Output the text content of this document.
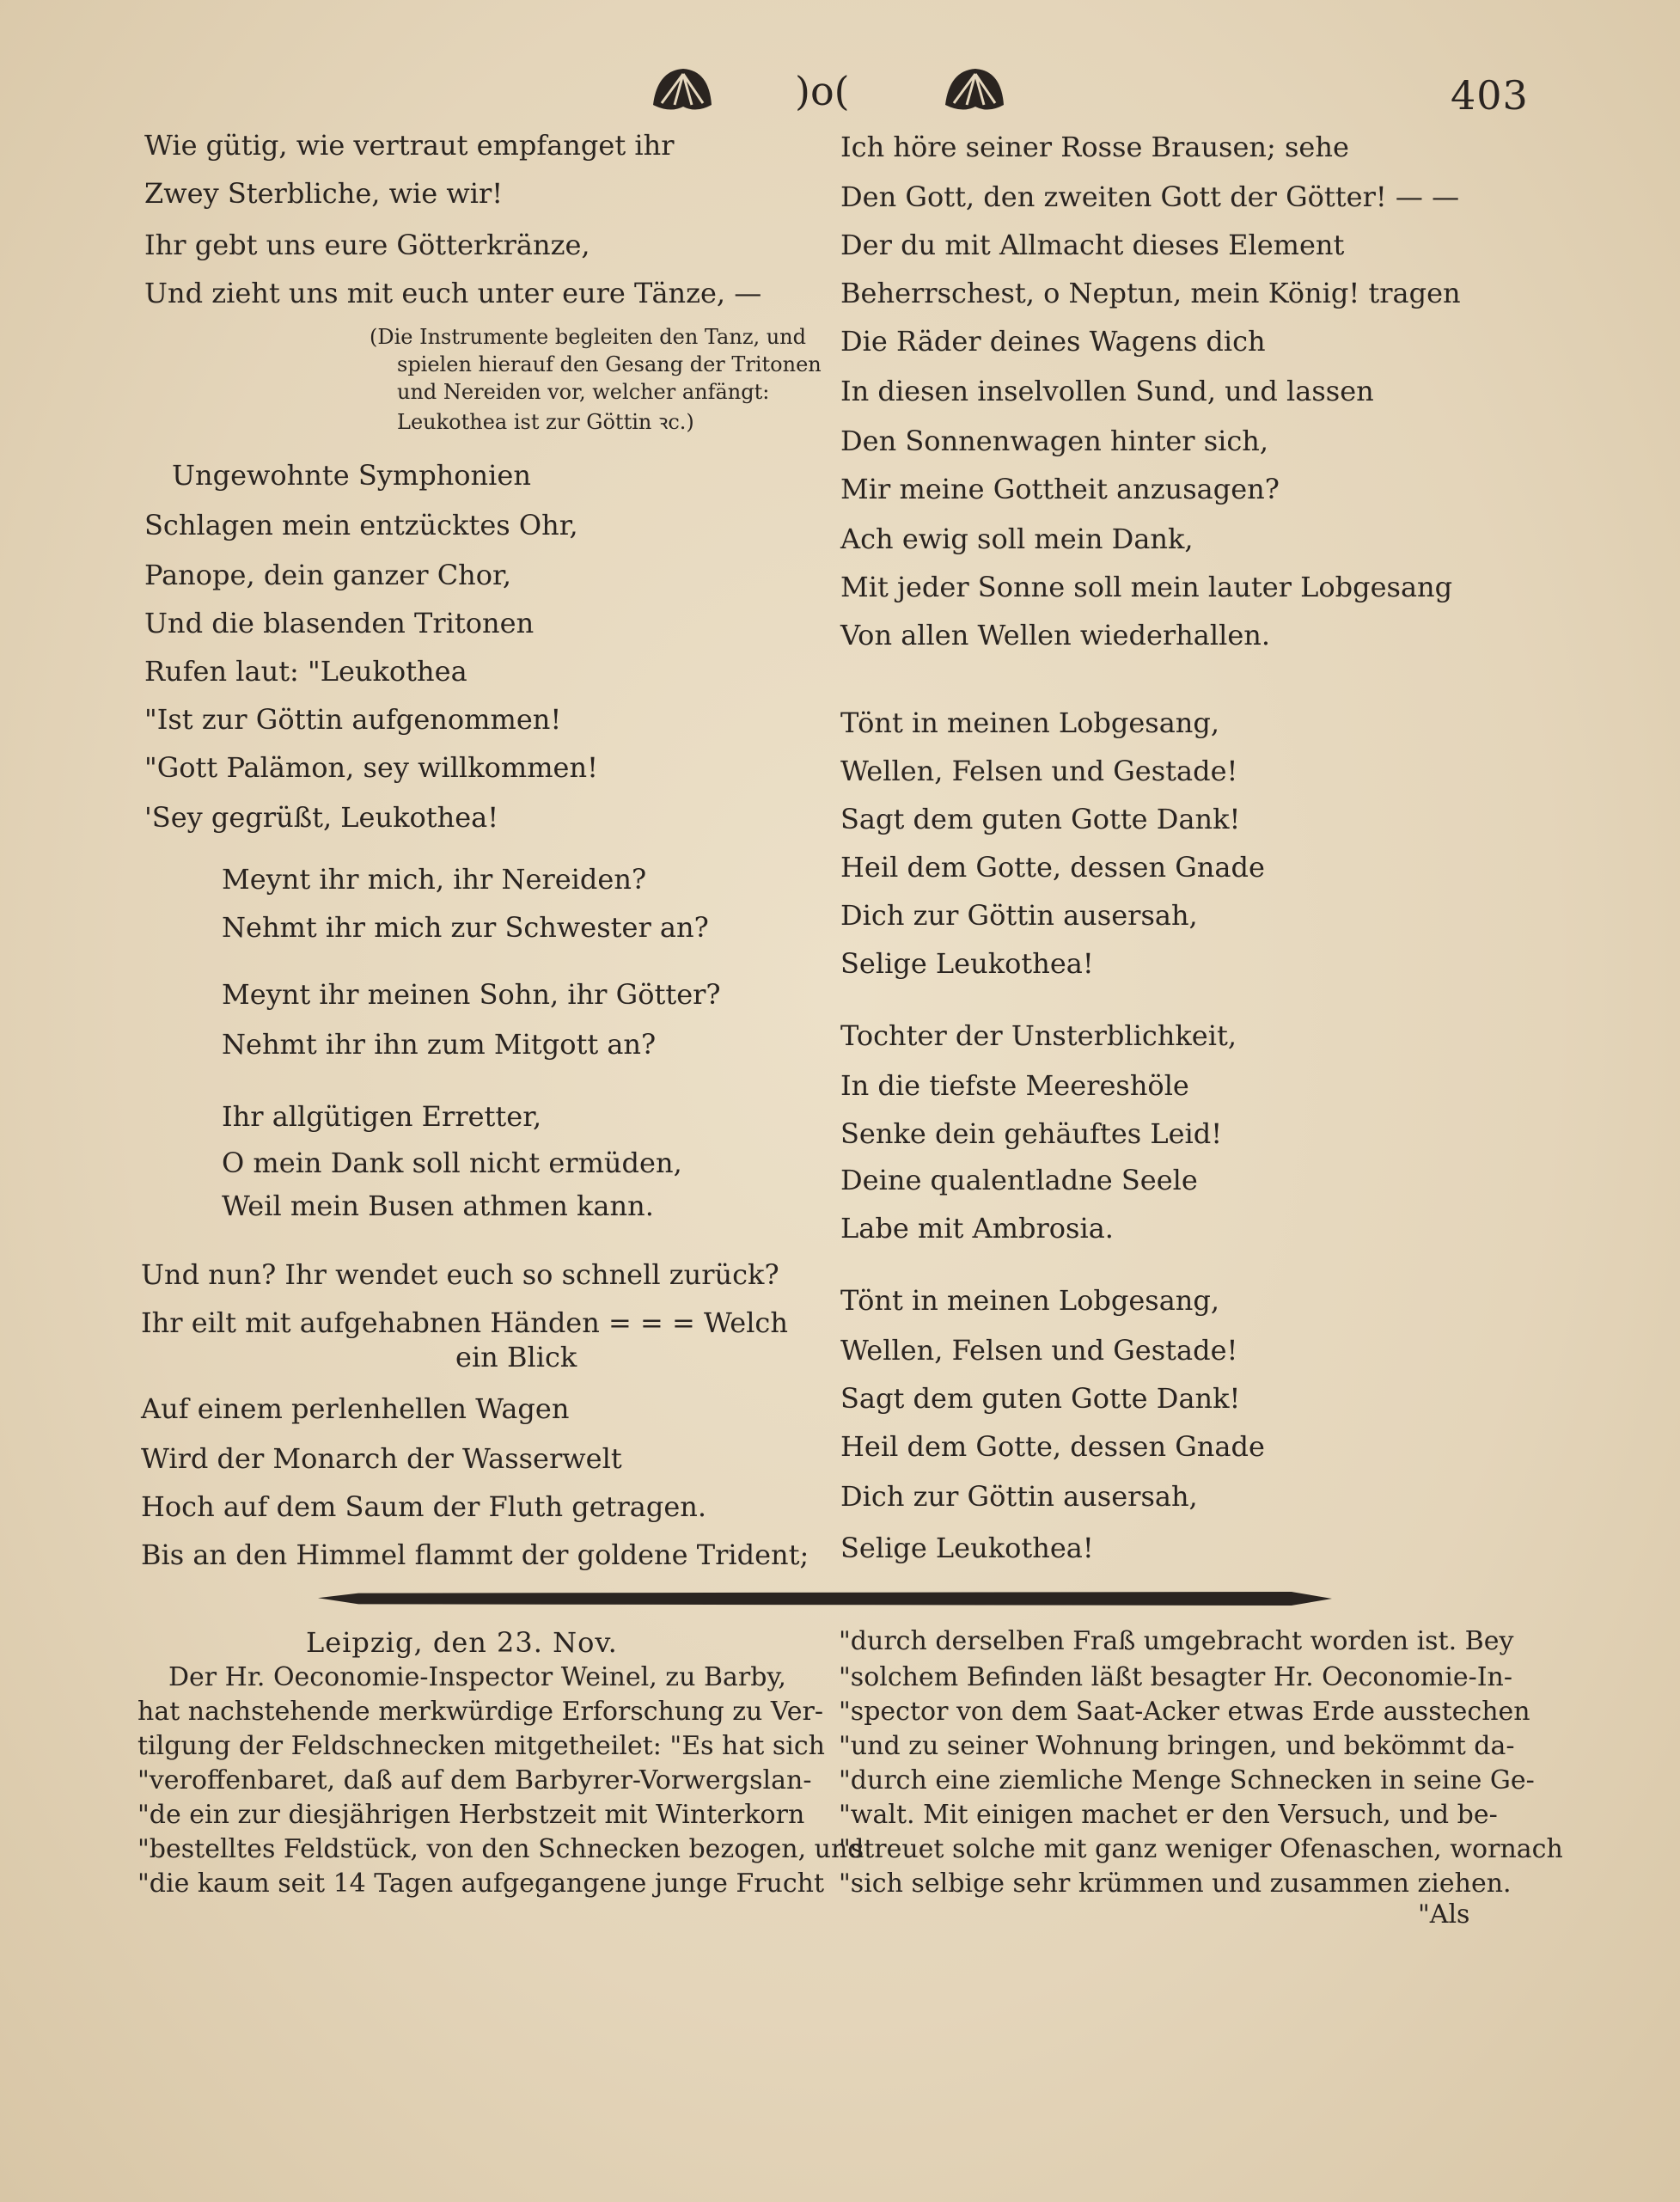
)o(	403
Wie gütig, wie vertraut empfanget ihr
Zwey Sterbliche, wie wir!
Ihr gebt uns eure Götterkränze,
Und zieht uns mit euch unter eure Tänze, —
(Die Instrumente begleiten den Tanz, und
spielen hierauf den Gesang der Tritonen
und Nereiden vor, welcher anfängt:
Leukothea ist zur Göttin ꝛc.)
Ungewohnte Symphonien
Schlagen mein entzücktes Ohr,
Panope, dein ganzer Chor,
Und die blasenden Tritonen
Rufen laut: "Leukothea
"Ist zur Göttin aufgenommen!
"Gott Palämon, sey willkommen!
'Sey gegrüßt, Leukothea!
Meynt ihr mich, ihr Nereiden?
Nehmt ihr mich zur Schwester an?
Meynt ihr meinen Sohn, ihr Götter?
Nehmt ihr ihn zum Mitgott an?
Ihr allgütigen Erretter,
O mein Dank soll nicht ermüden,
Weil mein Busen athmen kann.
Und nun? Ihr wendet euch so schnell zurück?
Ihr eilt mit aufgehabnen Händen = = = Welch
ein Blick
Auf einem perlenhellen Wagen
Wird der Monarch der Wasserwelt
Hoch auf dem Saum der Fluth getragen.
Bis an den Himmel flammt der goldene Trident;
Ich höre seiner Rosse Brausen; sehe
Den Gott, den zweiten Gott der Götter! — —
Der du mit Allmacht dieses Element
Beherrschest, o Neptun, mein König! tragen
Die Räder deines Wagens dich
In diesen inselvollen Sund, und lassen
Den Sonnenwagen hinter sich,
Mir meine Gottheit anzusagen?
Ach ewig soll mein Dank,
Mit jeder Sonne soll mein lauter Lobgesang
Von allen Wellen wiederhallen.
Tönt in meinen Lobgesang,
Wellen, Felsen und Gestade!
Sagt dem guten Gotte Dank!
Heil dem Gotte, dessen Gnade
Dich zur Göttin ausersah,
Selige Leukothea!
Tochter der Unsterblichkeit,
In die tiefste Meereshöle
Senke dein gehäuftes Leid!
Deine qualentladne Seele
Labe mit Ambrosia.
Tönt in meinen Lobgesang,
Wellen, Felsen und Gestade!
Sagt dem guten Gotte Dank!
Heil dem Gotte, dessen Gnade
Dich zur Göttin ausersah,
Selige Leukothea!
Leipzig, den 23. Nov.
Der Hr. Oeconomie-Inspector Weinel, zu Barby,
hat nachstehende merkwürdige Erforschung zu Ver-
tilgung der Feldschnecken mitgetheilet: "Es hat sich
"veroffenbaret, daß auf dem Barbyrer-Vorwergslan-
"de ein zur diesjährigen Herbstzeit mit Winterkorn
"bestelltes Feldstück, von den Schnecken bezogen, und
"die kaum seit 14 Tagen aufgegangene junge Frucht
"durch derselben Fraß umgebracht worden ist. Bey
"solchem Befinden läßt besagter Hr. Oeconomie-In-
"spector von dem Saat-Acker etwas Erde ausstechen
"und zu seiner Wohnung bringen, und bekömmt da-
"durch eine ziemliche Menge Schnecken in seine Ge-
"walt. Mit einigen machet er den Versuch, und be-
"streuet solche mit ganz weniger Ofenaschen, wornach
"sich selbige sehr krümmen und zusammen ziehen.
"Als
